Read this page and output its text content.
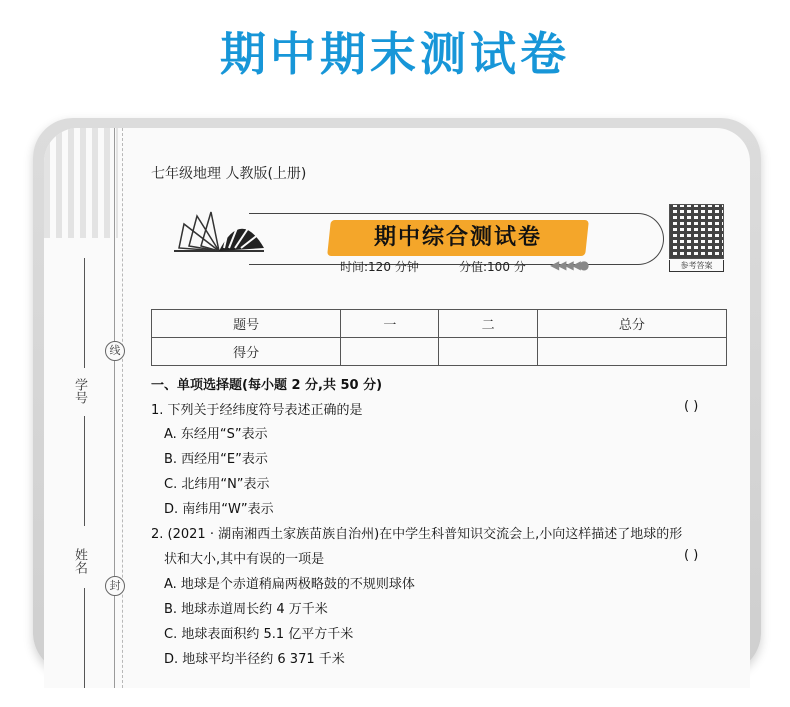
期中期末测试卷
学号
姓名
线
封
七年级地理 人教版(上册)
期中综合测试卷
时间:120 分钟	分值:100 分 ◀◀◀◀●	参考答案
题号	一	二	总分
得分			
一、单项选择题(每小题 2 分,共 50 分)
1. 下列关于经纬度符号表述正确的是	( )
A. 东经用“S”表示
B. 西经用“E”表示
C. 北纬用“N”表示
D. 南纬用“W”表示
2. (2021 · 湖南湘西土家族苗族自治州)在中学生科普知识交流会上,小向这样描述了地球的形
状和大小,其中有误的一项是	( )
A. 地球是个赤道稍扁两极略鼓的不规则球体
B. 地球赤道周长约 4 万千米
C. 地球表面积约 5.1 亿平方千米
D. 地球平均半径约 6 371 千米
